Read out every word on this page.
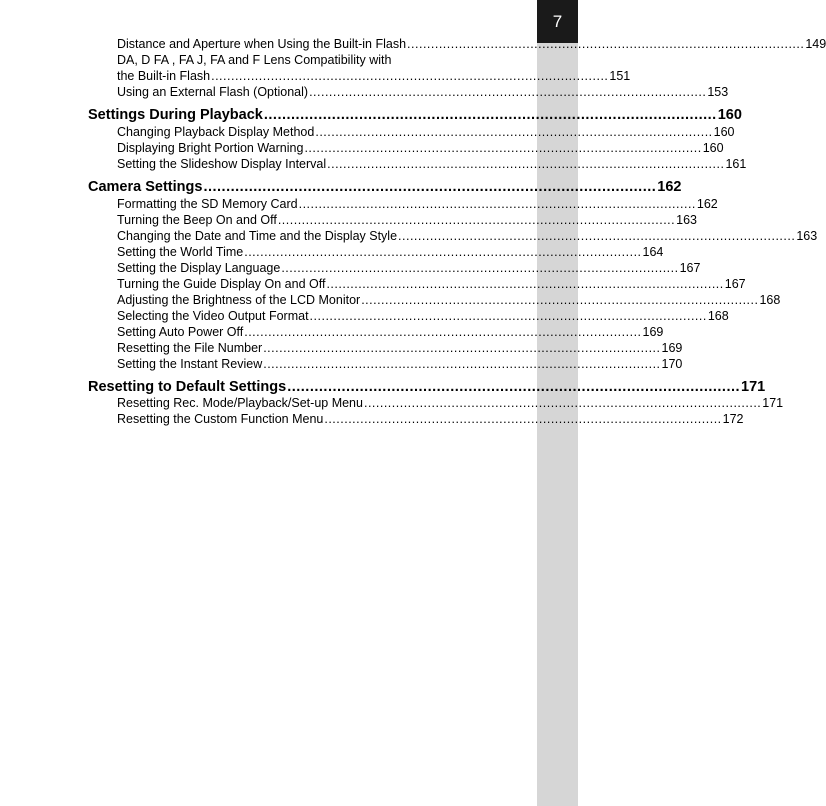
7
Distance and Aperture when Using the Built-in Flash .................................................................................................... 149
DA, D FA , FA J, FA and F Lens Compatibility with
the Built-in Flash .................................................................................................... 151
Using an External Flash (Optional) .................................................................................................... 153
Settings During Playback .................................................................................................... 160
Changing Playback Display Method .................................................................................................... 160
Displaying Bright Portion Warning .................................................................................................... 160
Setting the Slideshow Display Interval .................................................................................................... 161
Camera Settings .................................................................................................... 162
Formatting the SD Memory Card .................................................................................................... 162
Turning the Beep On and Off .................................................................................................... 163
Changing the Date and Time and the Display Style .................................................................................................... 163
Setting the World Time .................................................................................................... 164
Setting the Display Language .................................................................................................... 167
Turning the Guide Display On and Off .................................................................................................... 167
Adjusting the Brightness of the LCD Monitor .................................................................................................... 168
Selecting the Video Output Format .................................................................................................... 168
Setting Auto Power Off .................................................................................................... 169
Resetting the File Number .................................................................................................... 169
Setting the Instant Review .................................................................................................... 170
Resetting to Default Settings .................................................................................................... 171
Resetting Rec. Mode/Playback/Set-up Menu .................................................................................................... 171
Resetting the Custom Function Menu .................................................................................................... 172
